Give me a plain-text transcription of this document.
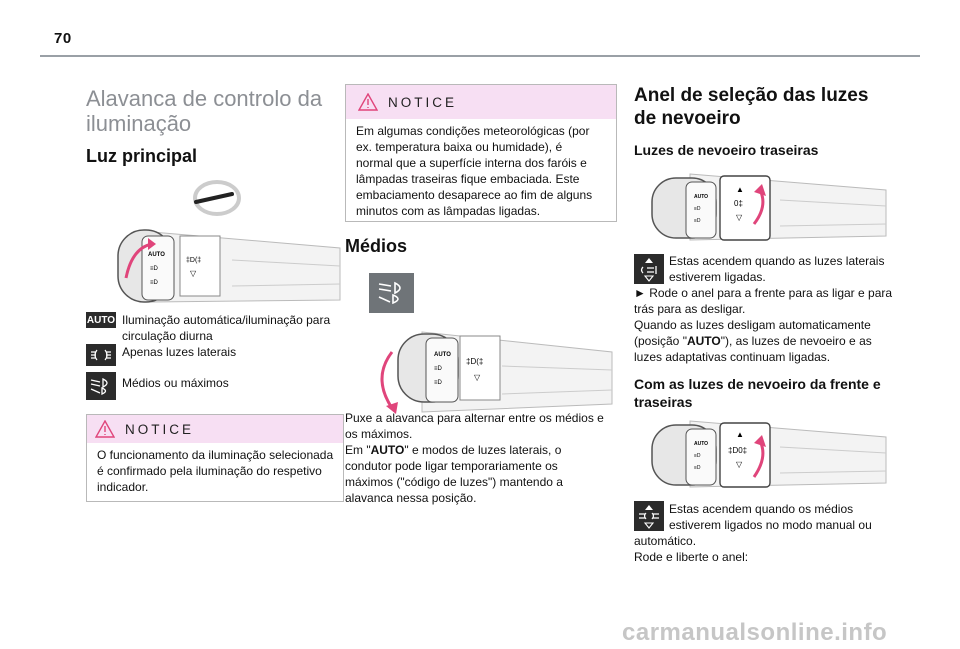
70
Alavanca de controlo da
iluminação
Luz principal
AUTO
≡D
≡D
‡D(‡
▽
AUTO Iluminação automática/iluminação para
circulação diurna
Apenas luzes laterais
Médios ou máximos
NOTICE
O funcionamento da iluminação selecionada
é confirmado pela iluminação do respetivo
indicador.
NOTICE
Em algumas condições meteorológicas (por
ex. temperatura baixa ou humidade), é
normal que a superfície interna dos faróis e
lâmpadas traseiras fique embaciada. Este
embaciamento desaparece ao fim de alguns
minutos com as lâmpadas ligadas.
Médios
AUTO
≡D
≡D
‡D(‡
▽
Puxe a alavanca para alternar entre os médios e
os máximos.
Em "AUTO" e modos de luzes laterais, o
condutor pode ligar temporariamente os
máximos ("código de luzes") mantendo a
alavanca nessa posição.
Anel de seleção das luzes
de nevoeiro
Luzes de nevoeiro traseiras
AUTO
≡D
≡D
▲
0‡
▽
Estas acendem quando as luzes laterais
estiverem ligadas.
► Rode o anel para a frente para as ligar e para
trás para as desligar.
Quando as luzes desligam automaticamente
(posição "AUTO"), as luzes de nevoeiro e as
luzes adaptativas continuam ligadas.
Com as luzes de nevoeiro da frente e
traseiras
AUTO
≡D
≡D
▲
‡D0‡
▽
Estas acendem quando os médios
estiverem ligados no modo manual ou
automático.
Rode e liberte o anel:
carmanualsonline.info
